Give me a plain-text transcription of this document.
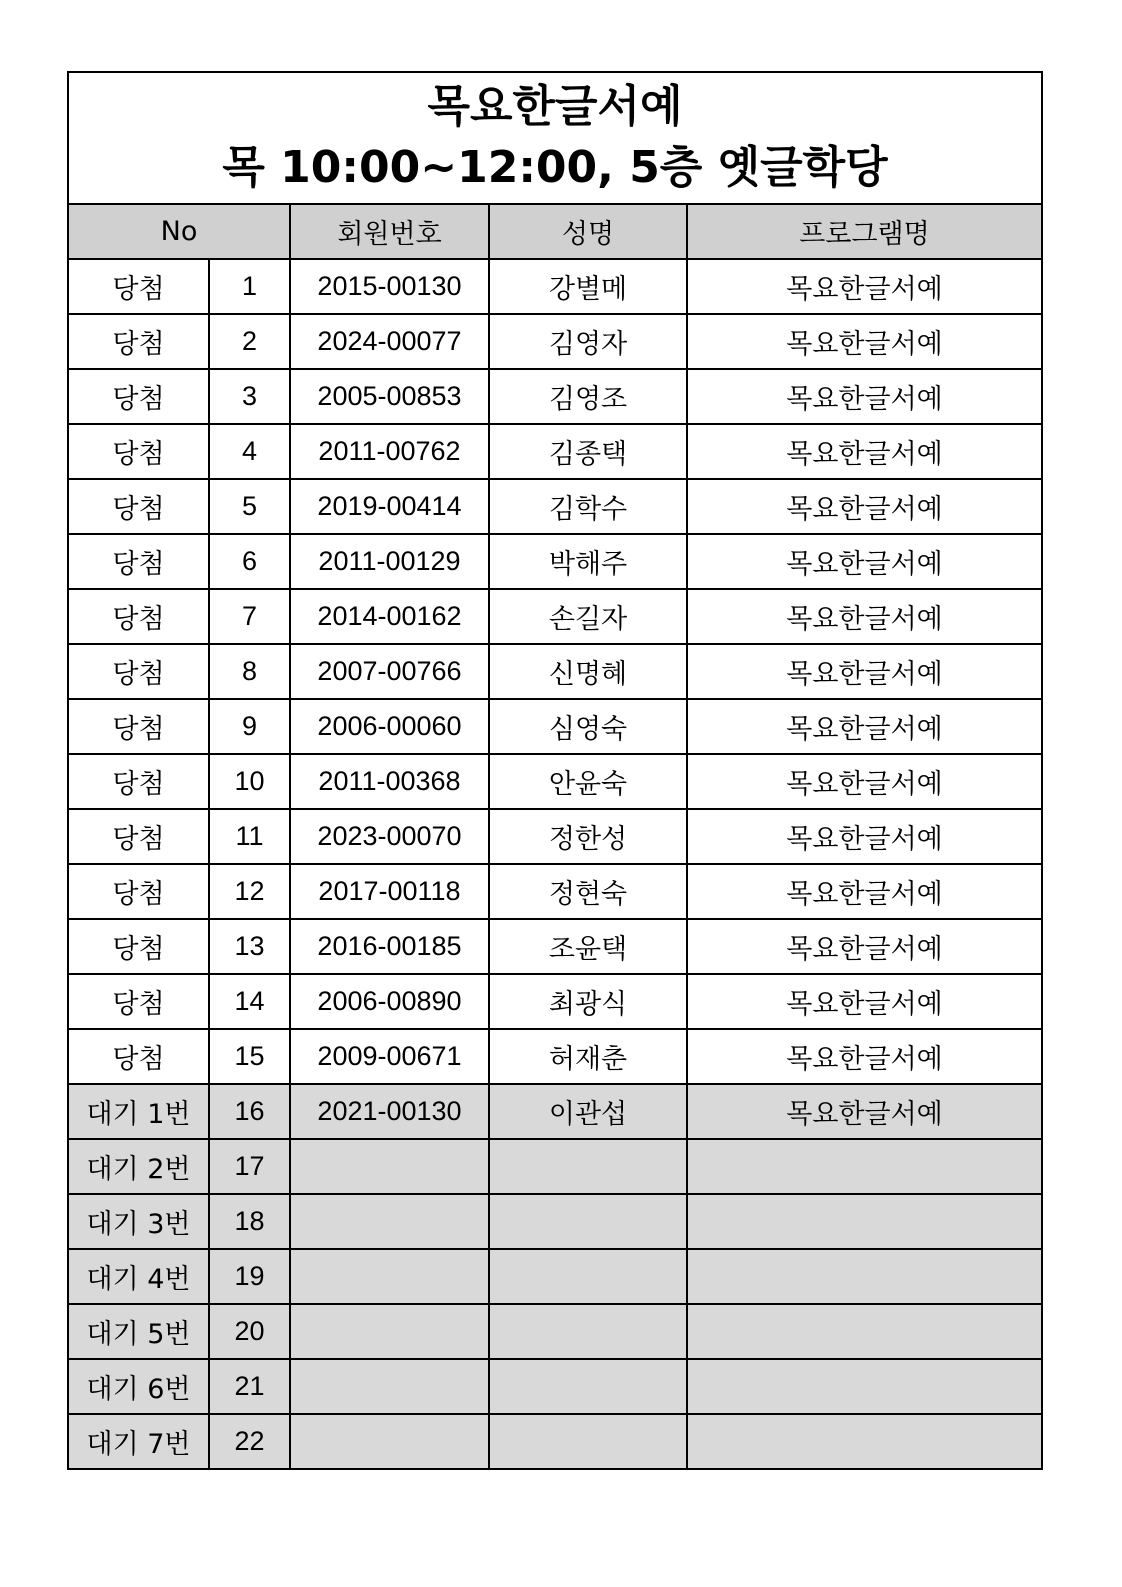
목요한글서예
목 10:00~12:00, 5층 옛글학당				

No		회원번호	성명	프로그램명
당첨	1	2015-00130	강별메	목요한글서예
당첨	2	2024-00077	김영자	목요한글서예
당첨	3	2005-00853	김영조	목요한글서예
당첨	4	2011-00762	김종택	목요한글서예
당첨	5	2019-00414	김학수	목요한글서예
당첨	6	2011-00129	박해주	목요한글서예
당첨	7	2014-00162	손길자	목요한글서예
당첨	8	2007-00766	신명혜	목요한글서예
당첨	9	2006-00060	심영숙	목요한글서예
당첨	10	2011-00368	안윤숙	목요한글서예
당첨	11	2023-00070	정한성	목요한글서예
당첨	12	2017-00118	정현숙	목요한글서예
당첨	13	2016-00185	조윤택	목요한글서예
당첨	14	2006-00890	최광식	목요한글서예
당첨	15	2009-00671	허재춘	목요한글서예
대기 1번	16	2021-00130	이관섭	목요한글서예
대기 2번	17			
대기 3번	18			
대기 4번	19			
대기 5번	20			
대기 6번	21			
대기 7번	22			
